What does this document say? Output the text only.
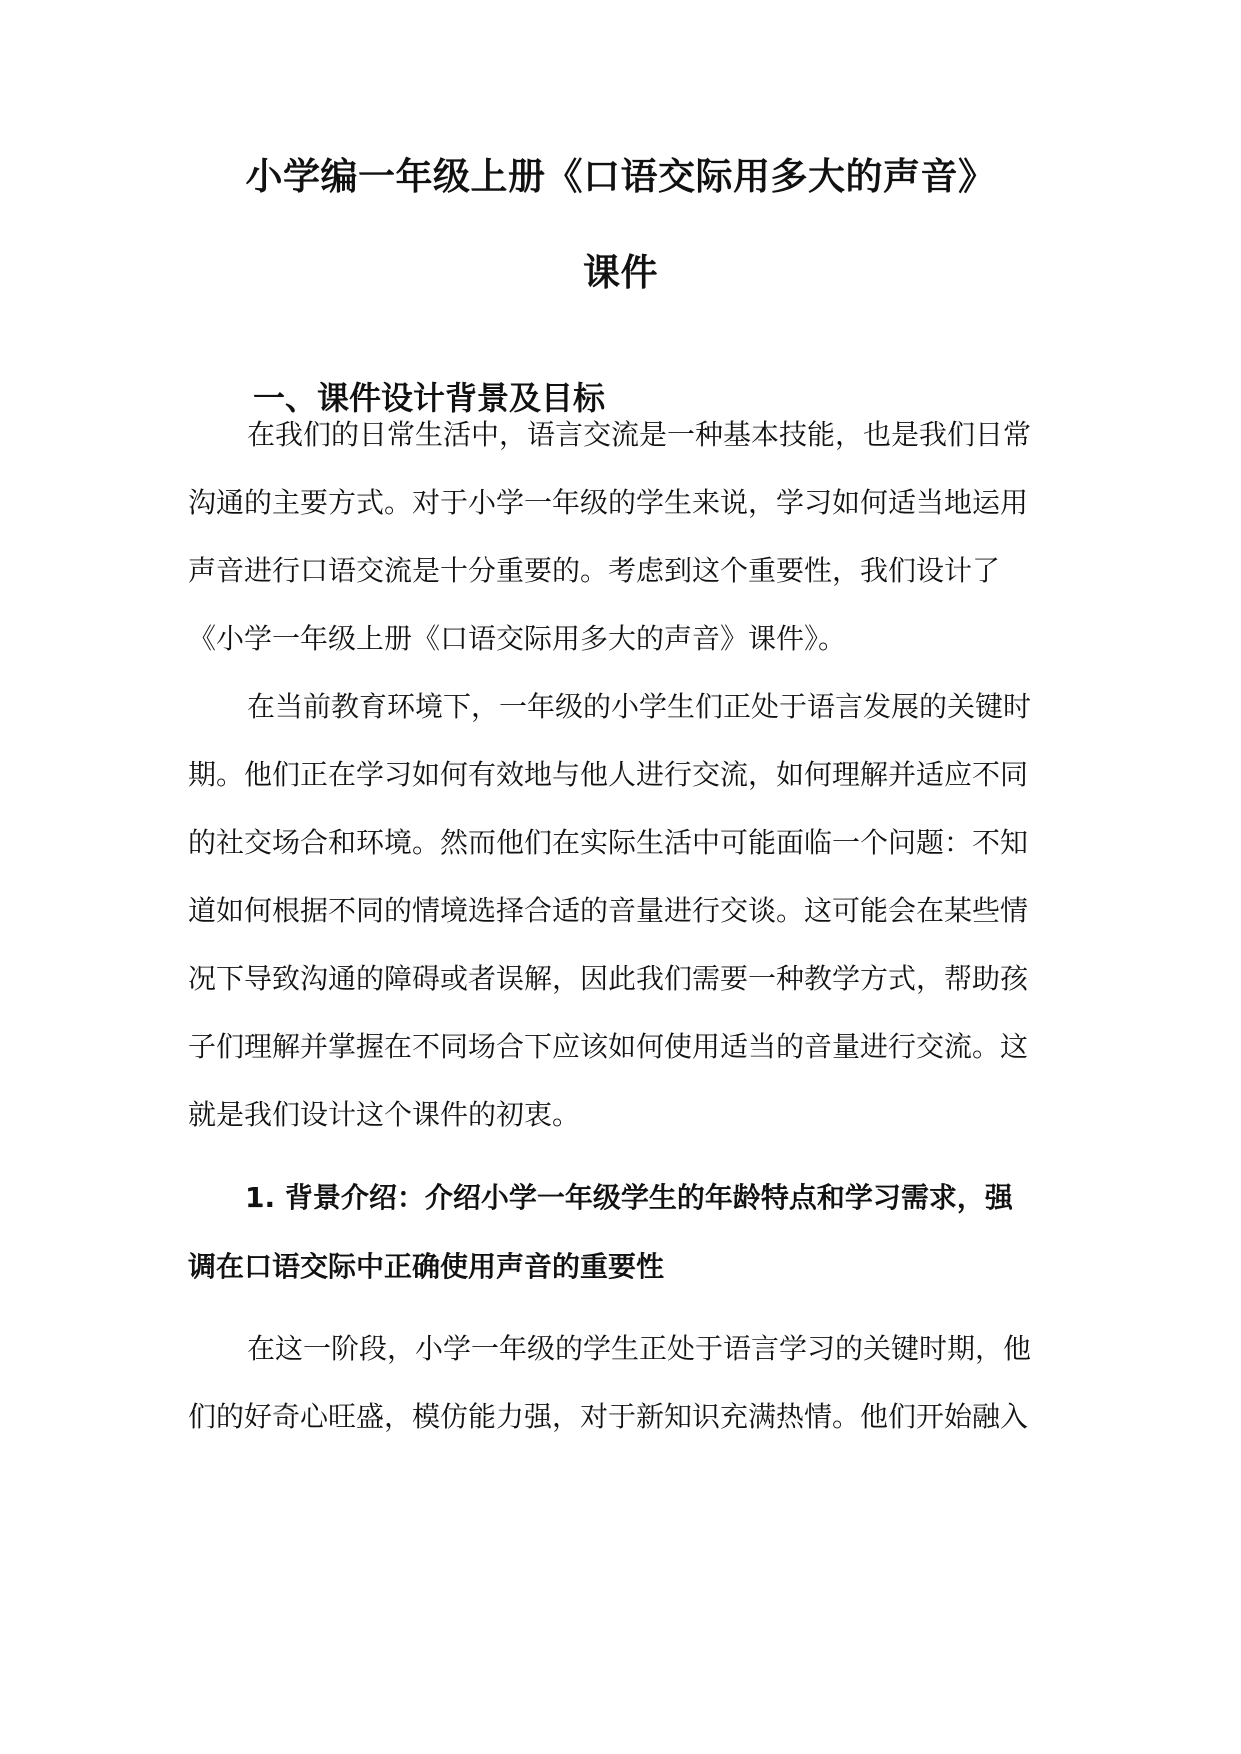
小学编一年级上册《口语交际用多大的声音》
课件
一、课件设计背景及目标
在我们的日常生活中，语言交流是一种基本技能，也是我们日常
沟通的主要方式。对于小学一年级的学生来说，学习如何适当地运用
声音进行口语交流是十分重要的。考虑到这个重要性，我们设计了
《小学一年级上册《口语交际用多大的声音》课件》。
在当前教育环境下，一年级的小学生们正处于语言发展的关键时
期。他们正在学习如何有效地与他人进行交流，如何理解并适应不同
的社交场合和环境。然而他们在实际生活中可能面临一个问题：不知
道如何根据不同的情境选择合适的音量进行交谈。这可能会在某些情
况下导致沟通的障碍或者误解，因此我们需要一种教学方式，帮助孩
子们理解并掌握在不同场合下应该如何使用适当的音量进行交流。这
就是我们设计这个课件的初衷。
1. 背景介绍：介绍小学一年级学生的年龄特点和学习需求，强
调在口语交际中正确使用声音的重要性
在这一阶段，小学一年级的学生正处于语言学习的关键时期，他
们的好奇心旺盛，模仿能力强，对于新知识充满热情。他们开始融入
